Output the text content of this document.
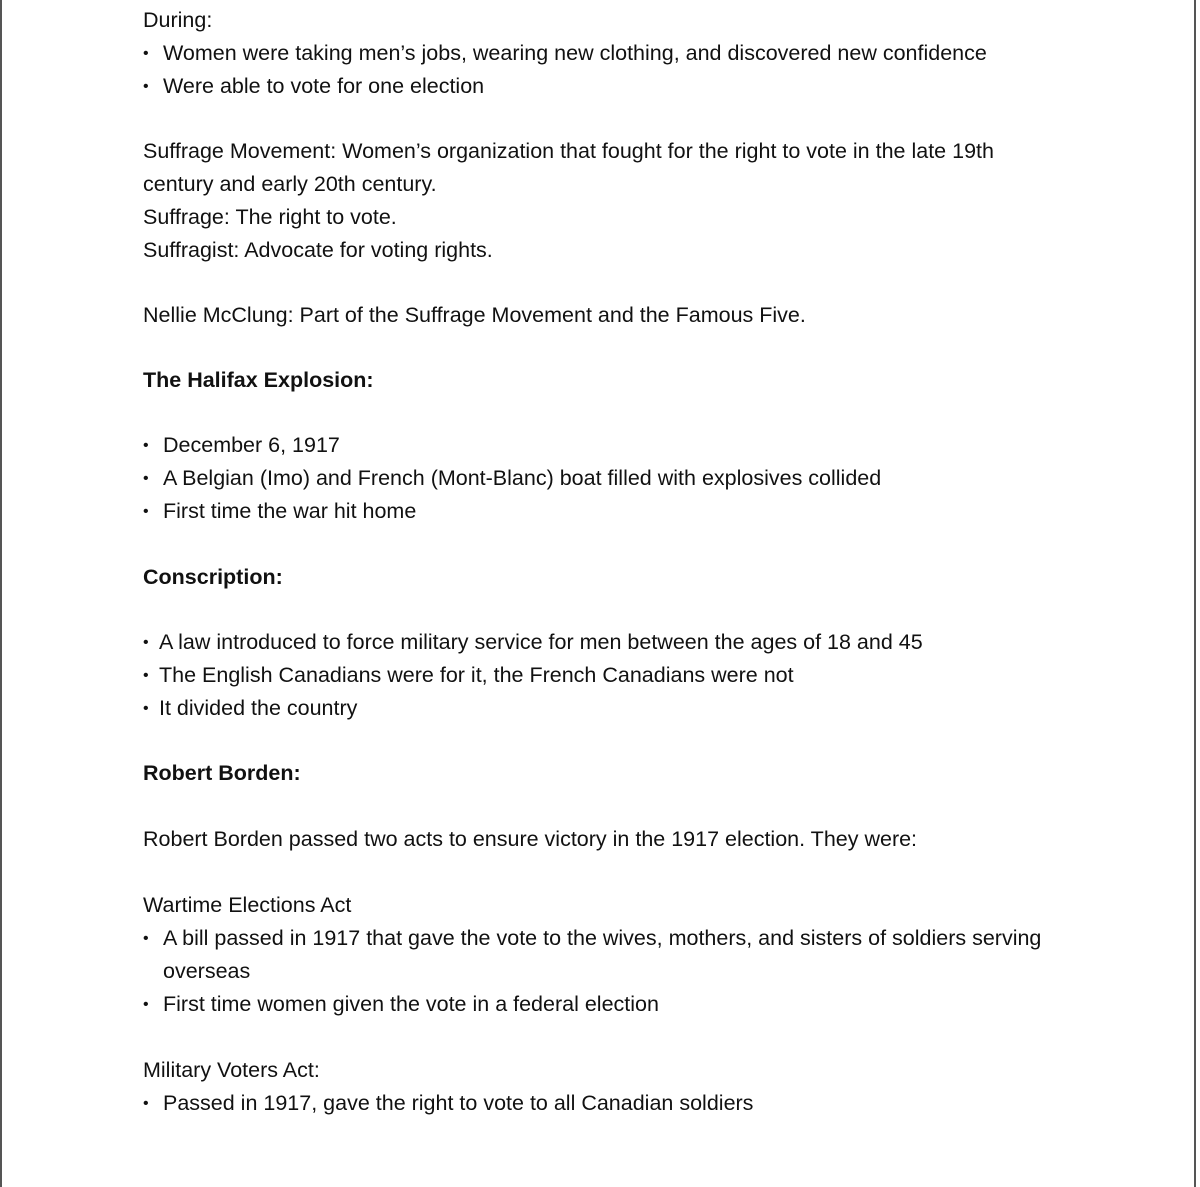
During:

• Women were taking men’s jobs, wearing new clothing, and discovered new confidence
• Were able to vote for one election

Suffrage Movement: Women’s organization that fought for the right to vote in the late 19th century and early 20th century.

Suffrage: The right to vote.

Suffragist: Advocate for voting rights.

Nellie McClung: Part of the Suffrage Movement and the Famous Five.

The Halifax Explosion:

• December 6, 1917
• A Belgian (Imo) and French (Mont-Blanc) boat filled with explosives collided
• First time the war hit home

Conscription:

• A law introduced to force military service for men between the ages of 18 and 45
• The English Canadians were for it, the French Canadians were not
• It divided the country

Robert Borden:

Robert Borden passed two acts to ensure victory in the 1917 election. They were:

Wartime Elections Act

• A bill passed in 1917 that gave the vote to the wives, mothers, and sisters of soldiers serving overseas
• First time women given the vote in a federal election

Military Voters Act:

• Passed in 1917, gave the right to vote to all Canadian soldiers
